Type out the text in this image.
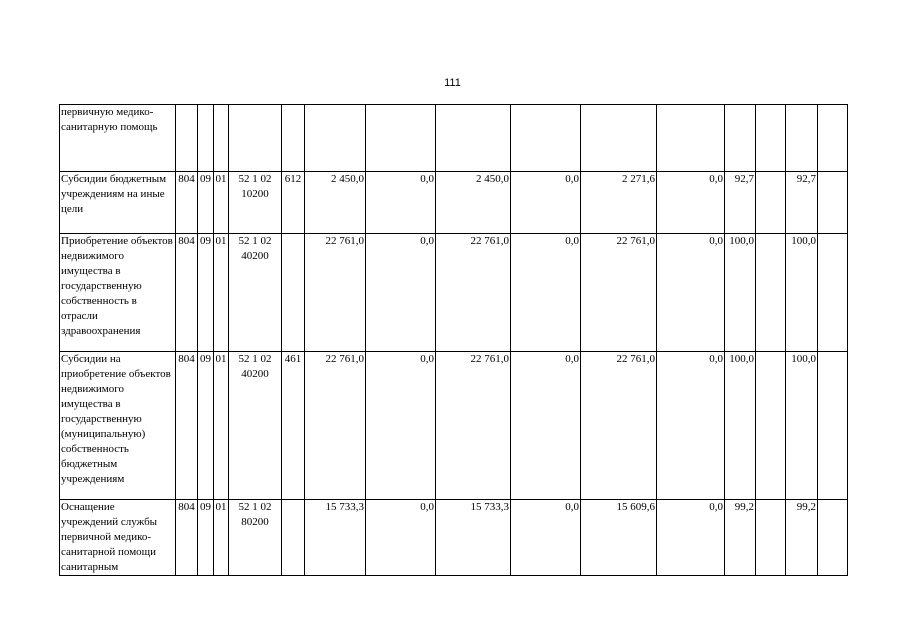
111
первичную медико-санитарную помощь															
Субсидии бюджетным учреждениям на иные цели	804	09	01	52 1 02 10200	612	2 450,0	0,0	2 450,0	0,0	2 271,6	0,0	92,7		92,7	
Приобретение объектов недвижимого имущества в государственную собственность в отрасли здравоохранения	804	09	01	52 1 02 40200		22 761,0	0,0	22 761,0	0,0	22 761,0	0,0	100,0		100,0	
Субсидии на приобретение объектов недвижимого имущества в государственную (муниципальную) собственность бюджетным учреждениям	804	09	01	52 1 02 40200	461	22 761,0	0,0	22 761,0	0,0	22 761,0	0,0	100,0		100,0	
Оснащение учреждений службы первичной медико-санитарной помощи санитарным	804	09	01	52 1 02 80200		15 733,3	0,0	15 733,3	0,0	15 609,6	0,0	99,2		99,2	
